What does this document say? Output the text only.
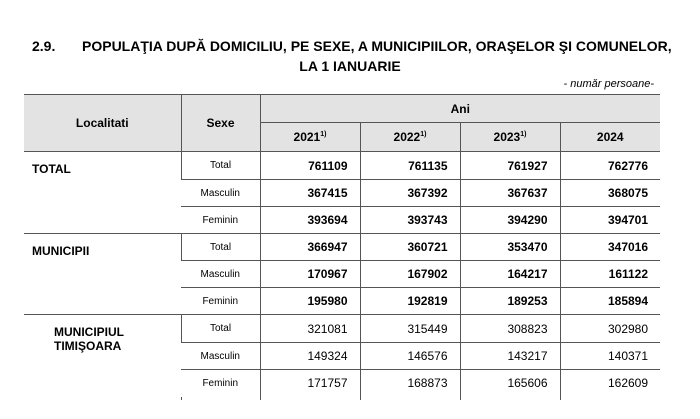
2.9. POPULAŢIA DUPĂ DOMICILIU, PE SEXE, A MUNICIPIILOR, ORAŞELOR ŞI COMUNELOR,
LA 1 IANUARIE
- număr persoane-
Localitati	Sexe	Ani			
		2021$^{1)}$	2022$^{1)}$	2023$^{1)}$	2024
TOTAL	Total	761109	761135	761927	762776
	Masculin	367415	367392	367637	368075
	Feminin	393694	393743	394290	394701
MUNICIPII	Total	366947	360721	353470	347016
	Masculin	170967	167902	164217	161122
	Feminin	195980	192819	189253	185894

MUNICIPIUL
TIMIŞOARA	Total	321081	315449	308823	302980
	Masculin	149324	146576	143217	140371
	Feminin	171757	168873	165606	162609
